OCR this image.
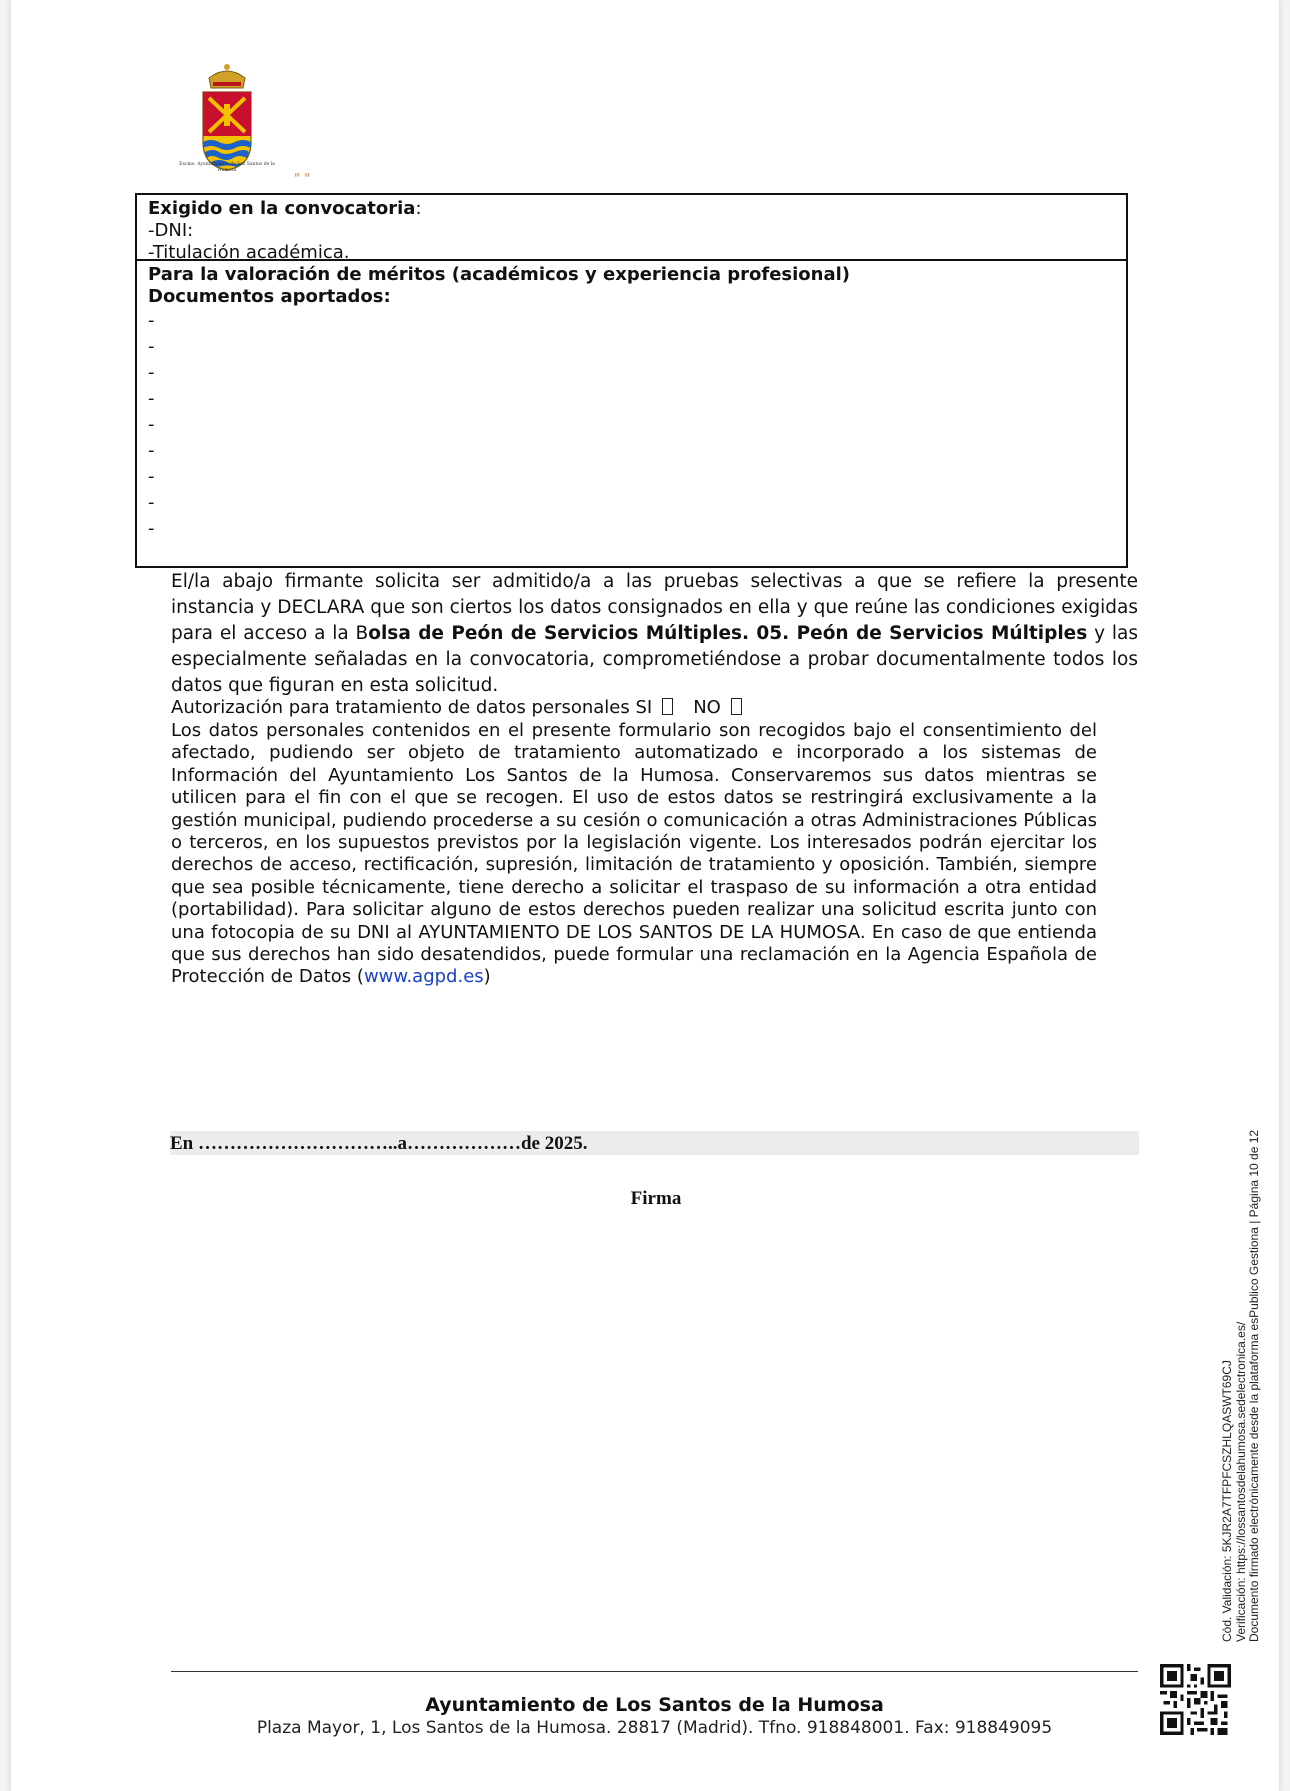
Excmo. Ayuntamiento de Los Santos de la Humosa
" "
Exigido en la convocatoria:
-DNI:
-Titulación académica.
Para la valoración de méritos (académicos y experiencia profesional)
Documentos aportados:
-
-
-
-
-
-
-
-
-
El/la abajo firmante solicita ser admitido/a a las pruebas selectivas a que se refiere la presente instancia y DECLARA que son ciertos los datos consignados en ella y que reúne las condiciones exigidas para el acceso a la Bolsa de Peón de Servicios Múltiples. 05. Peón de Servicios Múltiples y las especialmente señaladas en la convocatoria, comprometiéndose a probar documentalmente todos los datos que figuran en esta solicitud.
Autorización para tratamiento de datos personales SI NO
Los datos personales contenidos en el presente formulario son recogidos bajo el consentimiento del afectado, pudiendo ser objeto de tratamiento automatizado e incorporado a los sistemas de Información del Ayuntamiento Los Santos de la Humosa. Conservaremos sus datos mientras se utilicen para el fin con el que se recogen. El uso de estos datos se restringirá exclusivamente a la gestión municipal, pudiendo procederse a su cesión o comunicación a otras Administraciones Públicas o terceros, en los supuestos previstos por la legislación vigente. Los interesados podrán ejercitar los derechos de acceso, rectificación, supresión, limitación de tratamiento y oposición. También, siempre que sea posible técnicamente, tiene derecho a solicitar el traspaso de su información a otra entidad (portabilidad). Para solicitar alguno de estos derechos pueden realizar una solicitud escrita junto con una fotocopia de su DNI al AYUNTAMIENTO DE LOS SANTOS DE LA HUMOSA. En caso de que entienda que sus derechos han sido desatendidos, puede formular una reclamación en la Agencia Española de Protección de Datos (www.agpd.es)
En …………………………..a………………de 2025.
Firma
Cód. Validación: 5KJR2A7TFPFCSZHLQASWT69CJ Verificación: https://lossantosdelahumosa.sedelectronica.es/ Documento firmado electrónicamente desde la plataforma esPublico Gestiona | Página 10 de 12
Ayuntamiento de Los Santos de la Humosa
Plaza Mayor, 1, Los Santos de la Humosa. 28817 (Madrid). Tfno. 918848001. Fax: 918849095
